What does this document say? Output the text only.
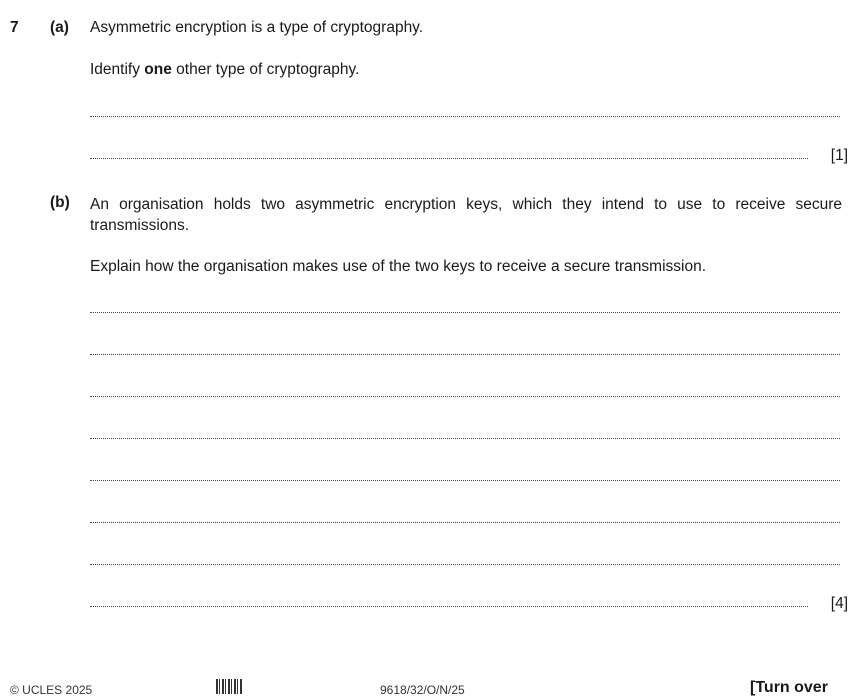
7 (a) Asymmetric encryption is a type of cryptography.
Identify one other type of cryptography.
[1]
(b) An organisation holds two asymmetric encryption keys, which they intend to use to receive secure transmissions.
Explain how the organisation makes use of the two keys to receive a secure transmission.
[4]
© UCLES 2025	9618/32/O/N/25	[Turn over
